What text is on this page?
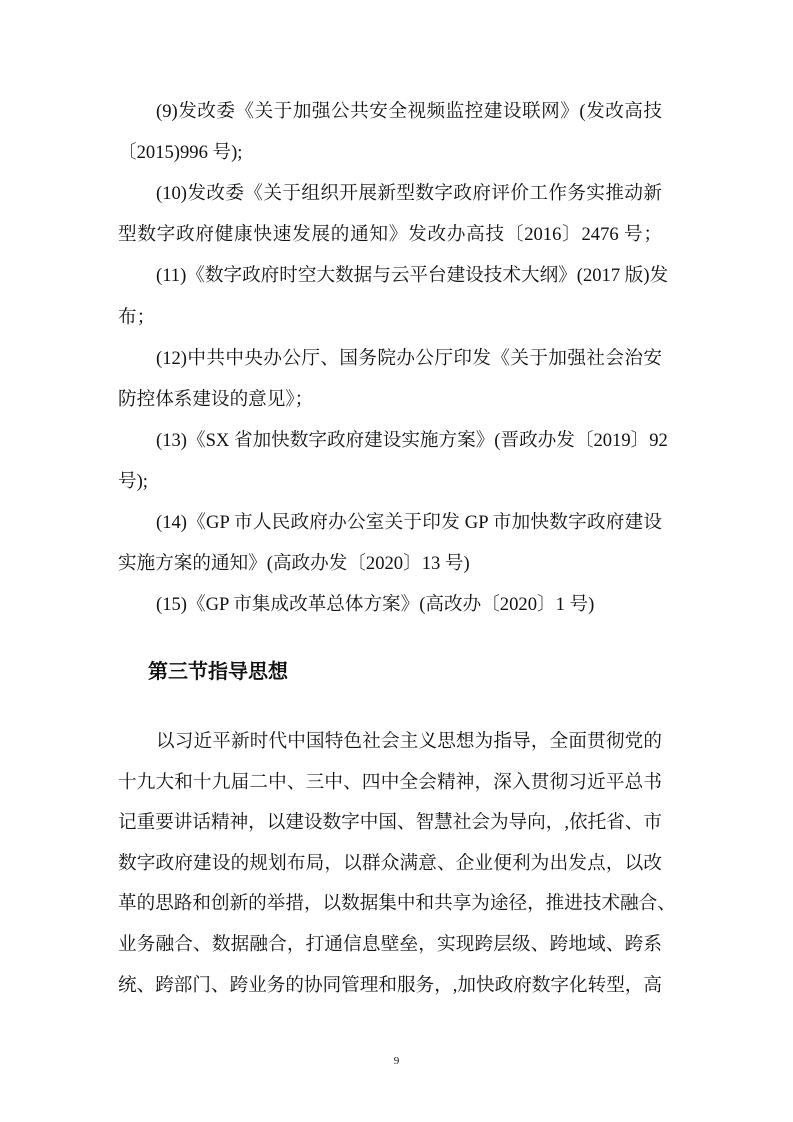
(9)发改委《关于加强公共安全视频监控建设联网》(发改高技
〔2015)996 号);
(10)发改委《关于组织开展新型数字政府评价工作务实推动新
型数字政府健康快速发展的通知》发改办高技〔2016〕2476 号；
(11)《数字政府时空大数据与云平台建设技术大纲》(2017 版)发
布；
(12)中共中央办公厅、国务院办公厅印发《关于加强社会治安
防控体系建设的意见》；
(13)《SX 省加快数字政府建设实施方案》(晋政办发〔2019〕92
号);
(14)《GP 市人民政府办公室关于印发 GP 市加快数字政府建设
实施方案的通知》(高政办发〔2020〕13 号)
(15)《GP 市集成改革总体方案》(高改办〔2020〕1 号)
第三节指导思想
以习近平新时代中国特色社会主义思想为指导，全面贯彻党的
十九大和十九届二中、三中、四中全会精神，深入贯彻习近平总书
记重要讲话精神，以建设数字中国、智慧社会为导向，,依托省、市
数字政府建设的规划布局，以群众满意、企业便利为出发点，以改
革的思路和创新的举措，以数据集中和共享为途径，推进技术融合、
业务融合、数据融合，打通信息壁垒，实现跨层级、跨地域、跨系
统、跨部门、跨业务的协同管理和服务，,加快政府数字化转型，高
9
